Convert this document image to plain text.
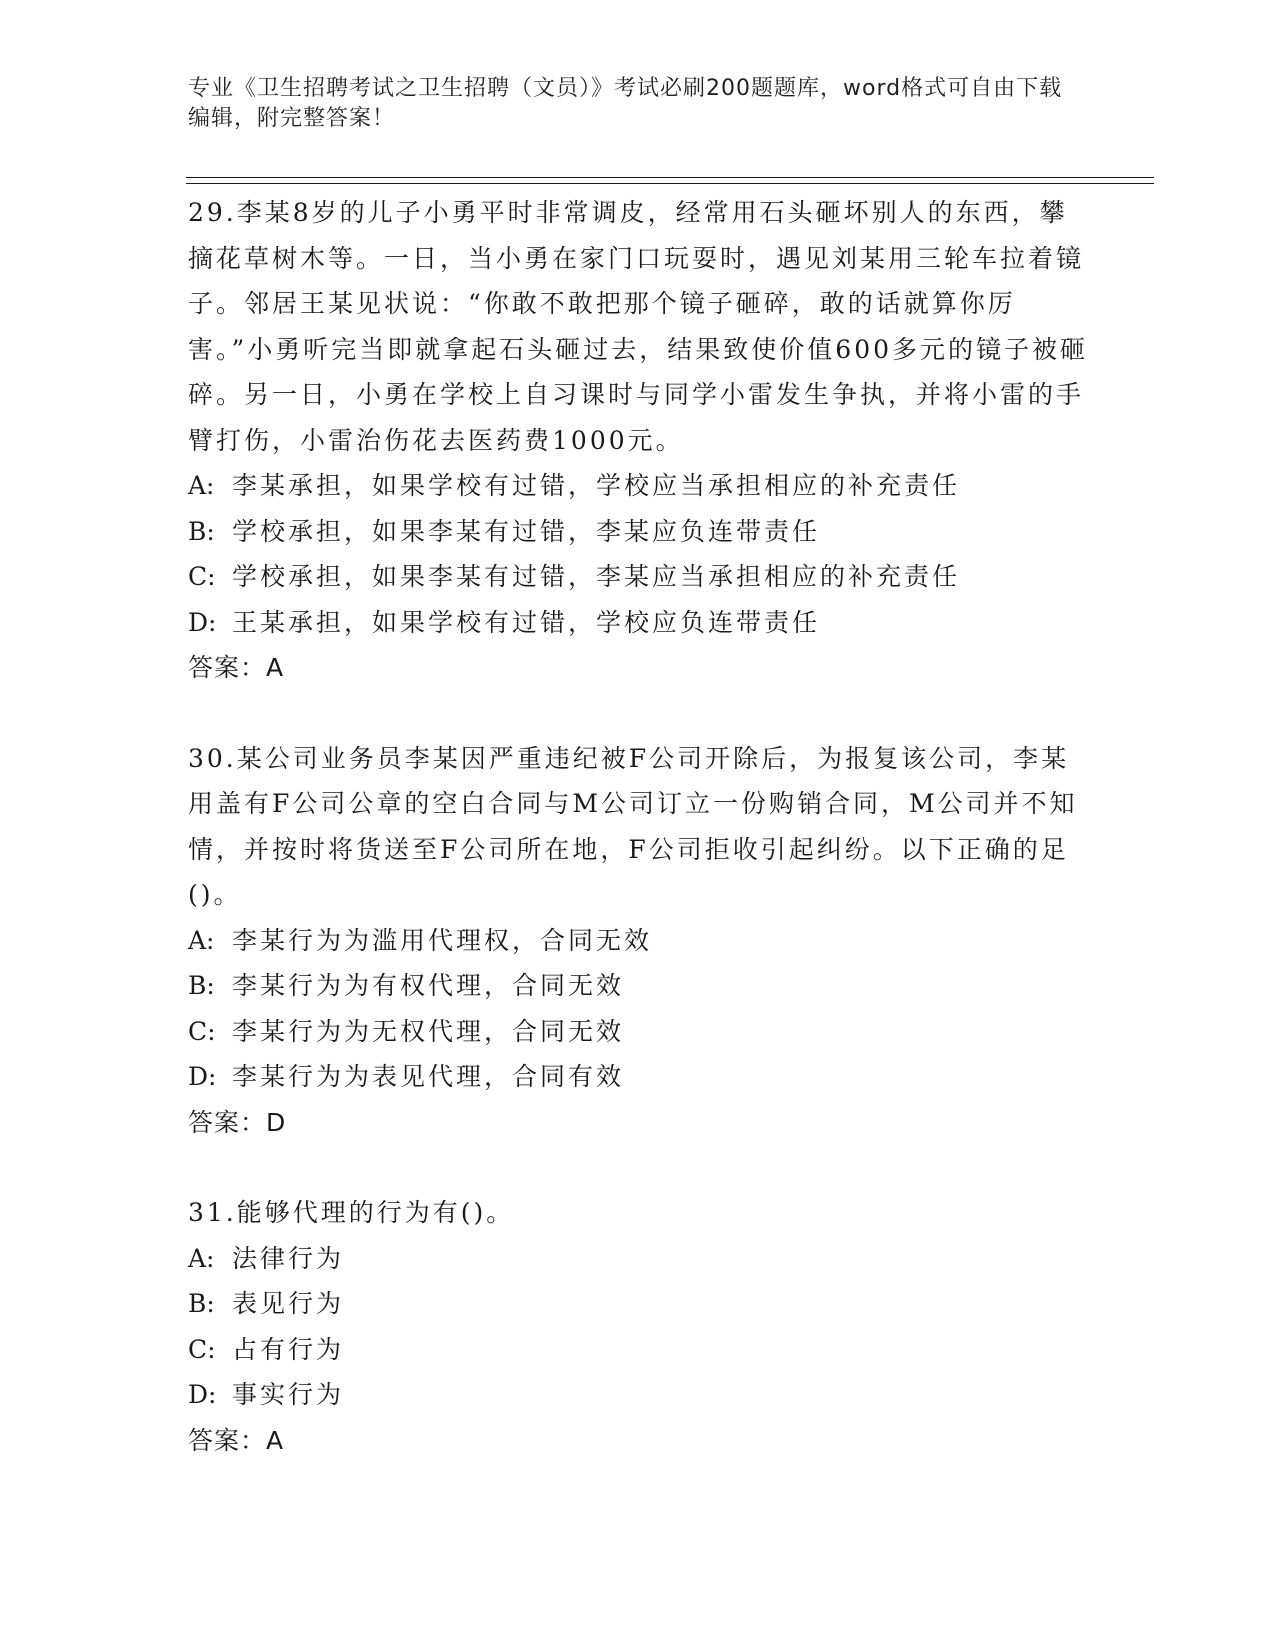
专业《卫生招聘考试之卫生招聘（文员）》考试必刷200题题库，word格式可自由下载编辑，附完整答案！

29.李某8岁的儿子小勇平时非常调皮，经常用石头砸坏别人的东西，攀摘花草树木等。一日，当小勇在家门口玩耍时，遇见刘某用三轮车拉着镜子。邻居王某见状说：“你敢不敢把那个镜子砸碎，敢的话就算你厉害。”小勇听完当即就拿起石头砸过去，结果致使价值600多元的镜子被砸碎。另一日，小勇在学校上自习课时与同学小雷发生争执，并将小雷的手臂打伤，小雷治伤花去医药费1000元。

A: 李某承担，如果学校有过错，学校应当承担相应的补充责任

B: 学校承担，如果李某有过错，李某应负连带责任

C: 学校承担，如果李某有过错，李某应当承担相应的补充责任

D: 王某承担，如果学校有过错，学校应负连带责任

答案：A

30.某公司业务员李某因严重违纪被F公司开除后，为报复该公司，李某用盖有F公司公章的空白合同与M公司订立一份购销合同，M公司并不知情，并按时将货送至F公司所在地，F公司拒收引起纠纷。以下正确的足()。

A: 李某行为为滥用代理权，合同无效

B: 李某行为为有权代理，合同无效

C: 李某行为为无权代理，合同无效

D: 李某行为为表见代理，合同有效

答案：D

31.能够代理的行为有()。

A: 法律行为

B: 表见行为

C: 占有行为

D: 事实行为

答案：A
